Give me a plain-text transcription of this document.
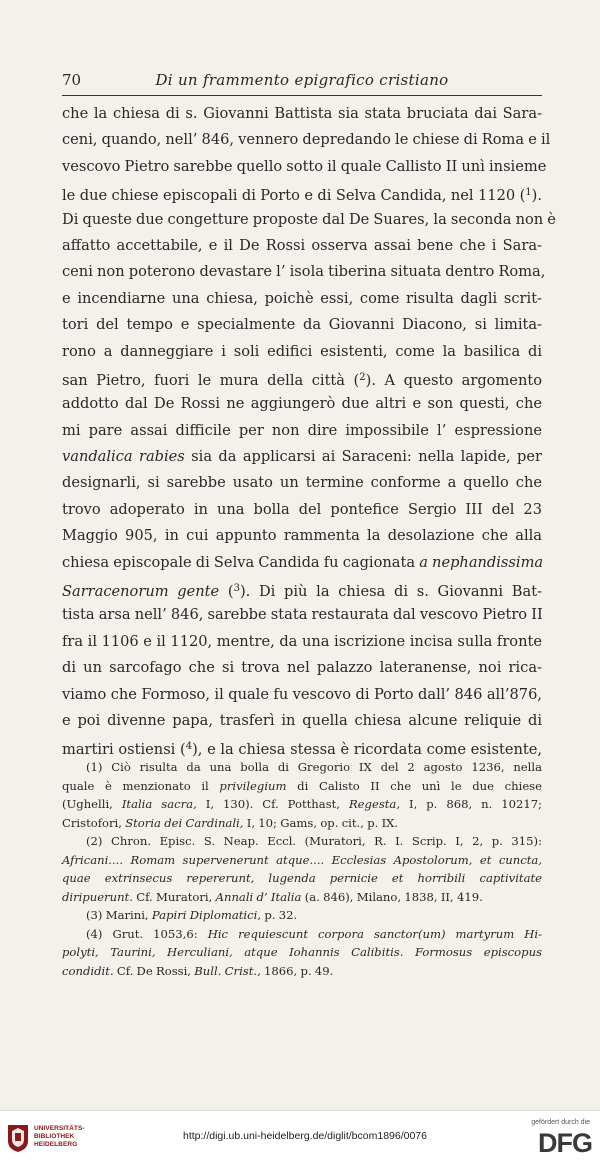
70	Di un frammento epigrafico cristiano
che la chiesa di s. Giovanni Battista sia stata bruciata dai Sara-
ceni, quando, nell’ 846, vennero depredando le chiese di Roma e il
vescovo Pietro sarebbe quello sotto il quale Callisto II unì insieme
le due chiese episcopali di Porto e di Selva Candida, nel 1120 ($^1$).
Di queste due congetture proposte dal De Suares, la seconda non è
affatto accettabile, e il De Rossi osserva assai bene che i Sara-
ceni non poterono devastare l’ isola tiberina situata dentro Roma,
e incendiarne una chiesa, poichè essi, come risulta dagli scrit-
tori del tempo e specialmente da Giovanni Diacono, si limita-
rono a danneggiare i soli edifici esistenti, come la basilica di
san Pietro, fuori le mura della città ($^2$). A questo argomento
addotto dal De Rossi ne aggiungerò due altri e son questi, che
mi pare assai difficile per non dire impossibile l’ espressione
vandalica rabies sia da applicarsi ai Saraceni: nella lapide, per
designarli, si sarebbe usato un termine conforme a quello che
trovo adoperato in una bolla del pontefice Sergio III del 23
Maggio 905, in cui appunto rammenta la desolazione che alla
chiesa episcopale di Selva Candida fu cagionata a nephandissima
Sarracenorum gente ($^3$). Di più la chiesa di s. Giovanni Bat-
tista arsa nell’ 846, sarebbe stata restaurata dal vescovo Pietro II
fra il 1106 e il 1120, mentre, da una iscrizione incisa sulla fronte
di un sarcofago che si trova nel palazzo lateranense, noi rica-
viamo che Formoso, il quale fu vescovo di Porto dall’ 846 all’876,
e poi divenne papa, trasferì in quella chiesa alcune reliquie di
martiri ostiensi ($^4$), e la chiesa stessa è ricordata come esistente,
(1) Ciò risulta da una bolla di Gregorio IX del 2 agosto 1236, nella
quale è menzionato il privilegium di Calisto II che unì le due chiese
(Ughelli, Italia sacra, I, 130). Cf. Potthast, Regesta, I, p. 868, n. 10217;
Cristofori, Storia dei Cardinali, I, 10; Gams, op. cit., p. IX.
(2) Chron. Episc. S. Neap. Eccl. (Muratori, R. I. Scrip. I, 2, p. 315):
Africani.... Romam supervenerunt atque.... Ecclesias Apostolorum, et cuncta,
quae extrinsecus repererunt, lugenda pernicie et horribili captivitate
diripuerunt. Cf. Muratori, Annali d’ Italia (a. 846), Milano, 1838, II, 419.
(3) Marini, Papiri Diplomatici, p. 32.
(4) Grut. 1053,6: Hic requiescunt corpora sanctor(um) martyrum Hi-
polyti, Taurini, Herculiani, atque Iohannis Calibitis. Formosus episcopus
condidit. Cf. De Rossi, Bull. Crist., 1866, p. 49.
UNIVERSITÄTS-
BIBLIOTHEK
HEIDELBERG
http://digi.ub.uni-heidelberg.de/diglit/bcom1896/0076
gefördert durch die
DFG
